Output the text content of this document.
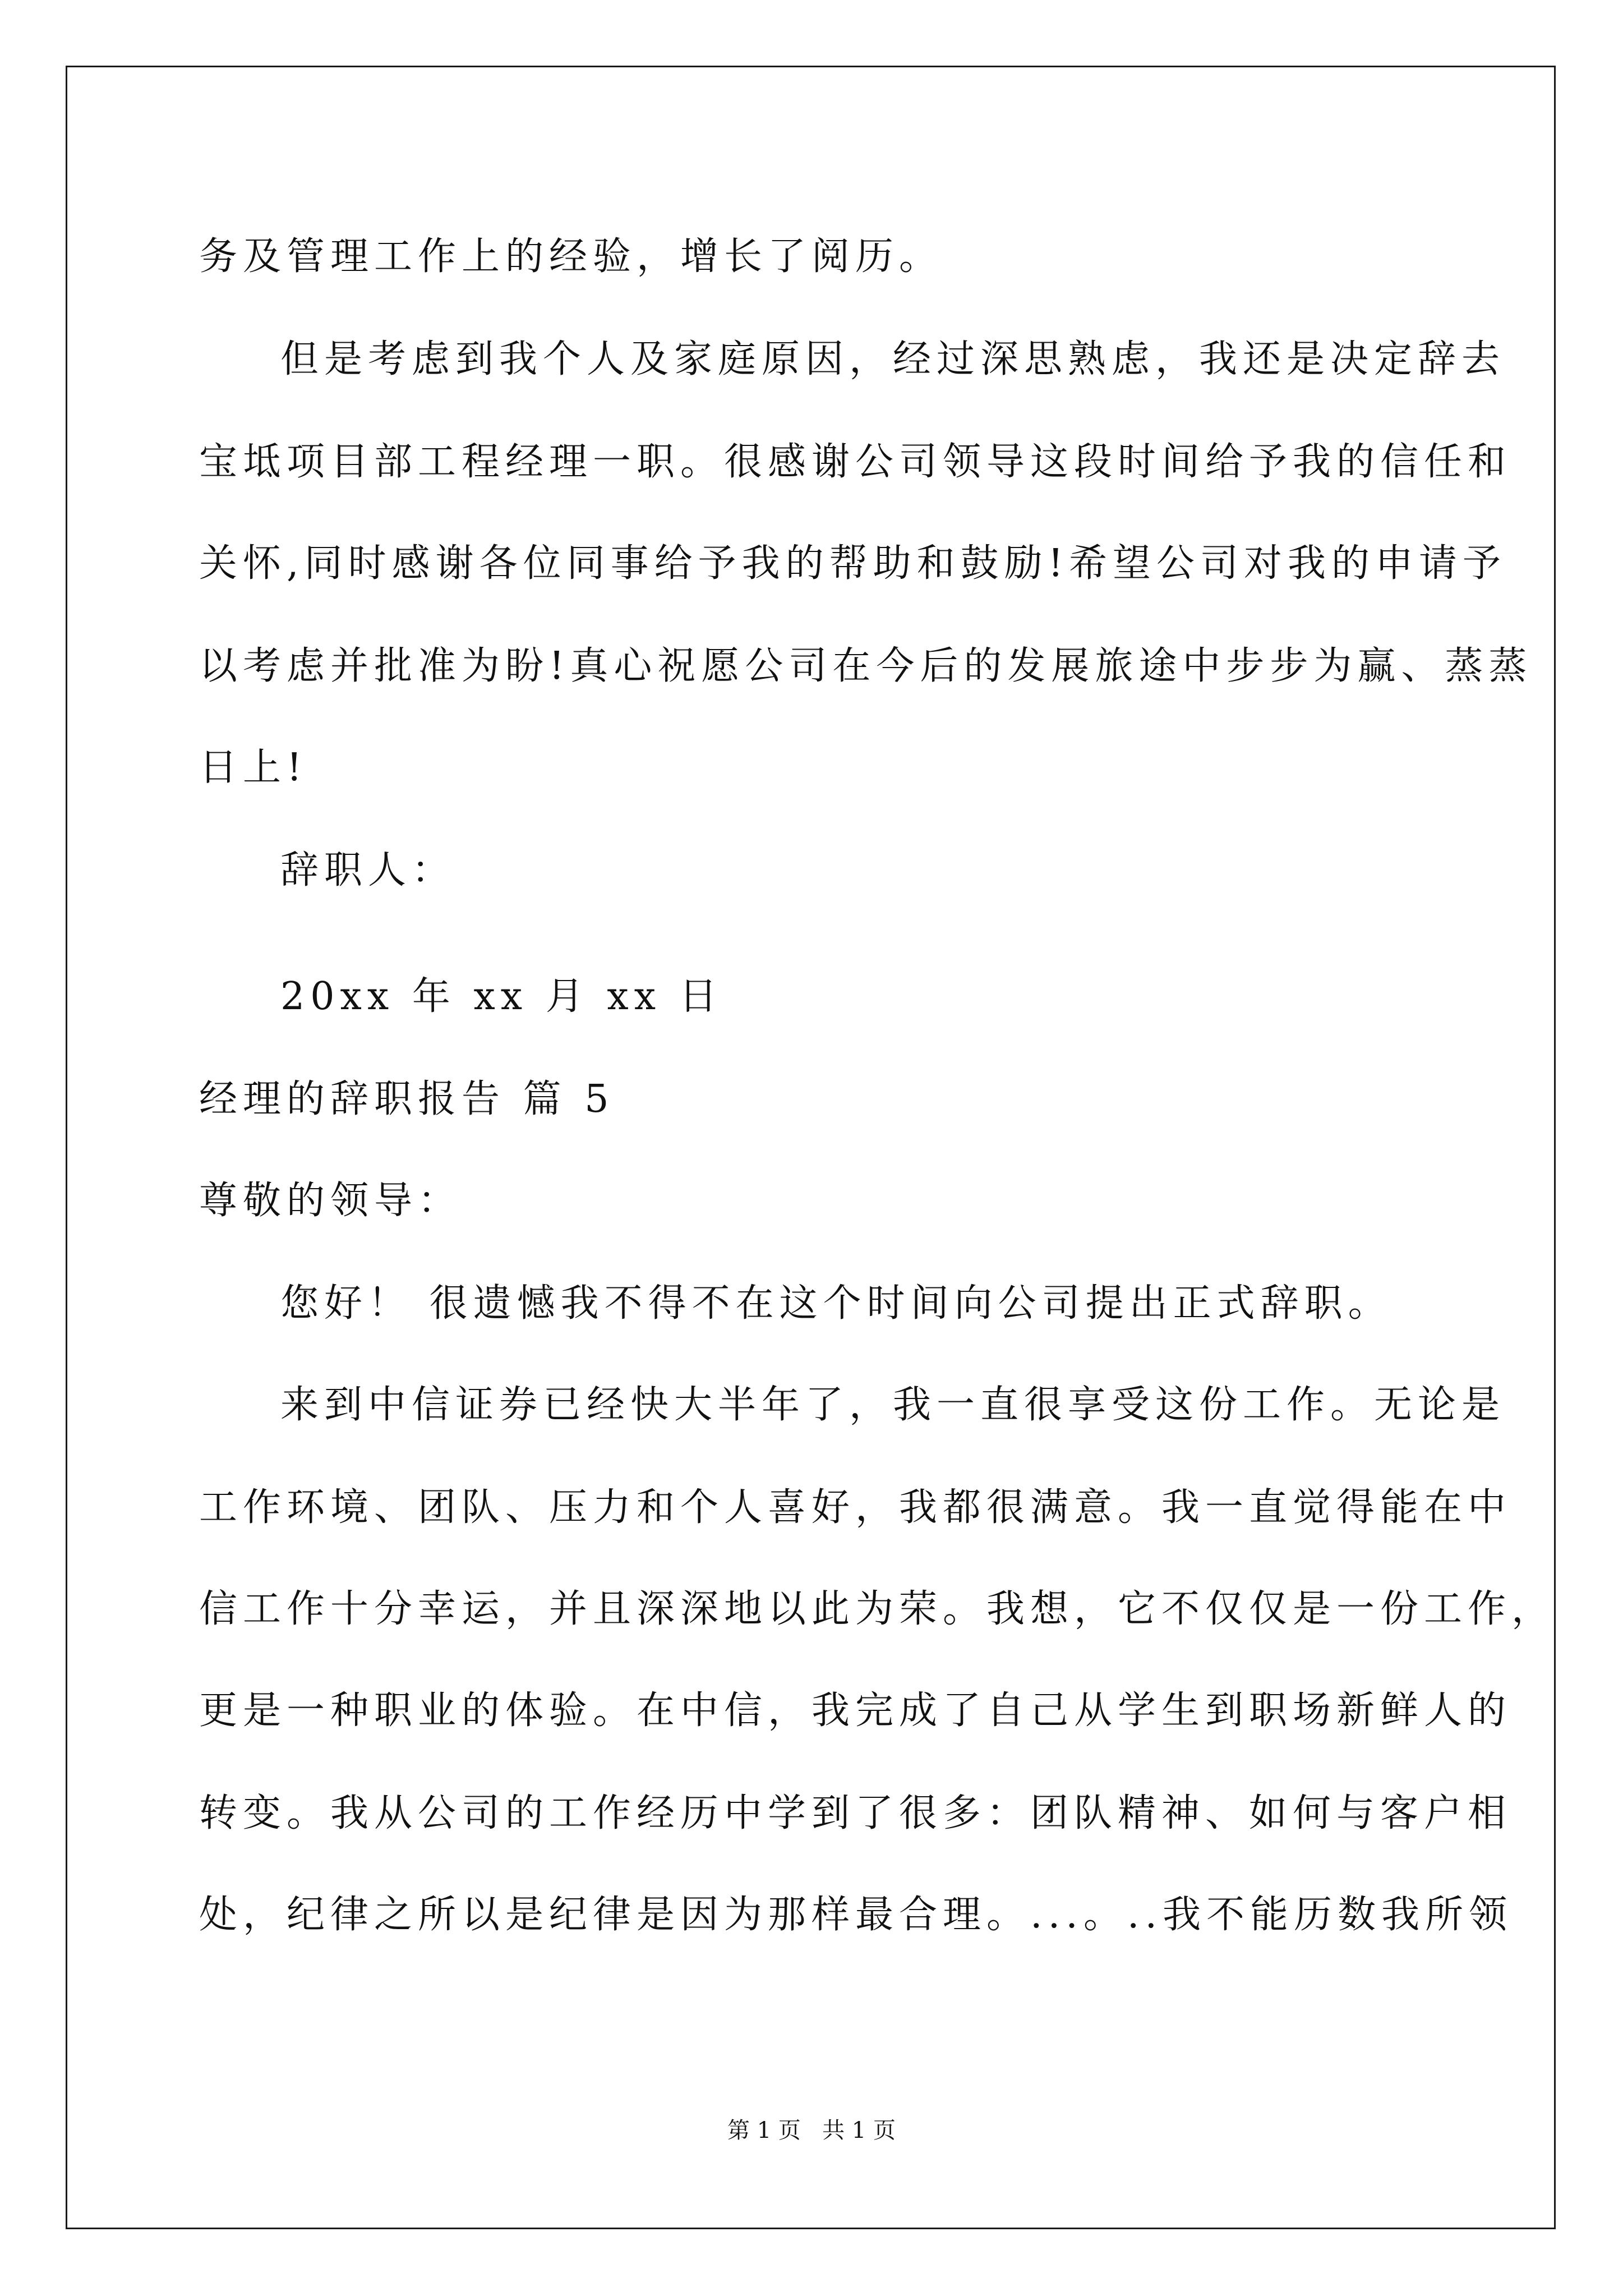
务及管理工作上的经验，增长了阅历。
但是考虑到我个人及家庭原因，经过深思熟虑，我还是决定辞去
宝坻项目部工程经理一职。很感谢公司领导这段时间给予我的信任和
关怀,同时感谢各位同事给予我的帮助和鼓励!希望公司对我的申请予
以考虑并批准为盼!真心祝愿公司在今后的发展旅途中步步为赢、蒸蒸
日上!
辞职人：
20xx 年 xx 月 xx 日
经理的辞职报告 篇 5
尊敬的领导：
您好！ 很遗憾我不得不在这个时间向公司提出正式辞职。
来到中信证券已经快大半年了，我一直很享受这份工作。无论是
工作环境、团队、压力和个人喜好，我都很满意。我一直觉得能在中
信工作十分幸运，并且深深地以此为荣。我想，它不仅仅是一份工作，
更是一种职业的体验。在中信，我完成了自己从学生到职场新鲜人的
转变。我从公司的工作经历中学到了很多：团队精神、如何与客户相
处，纪律之所以是纪律是因为那样最合理。...。..我不能历数我所领
第 1 页   共 1 页
